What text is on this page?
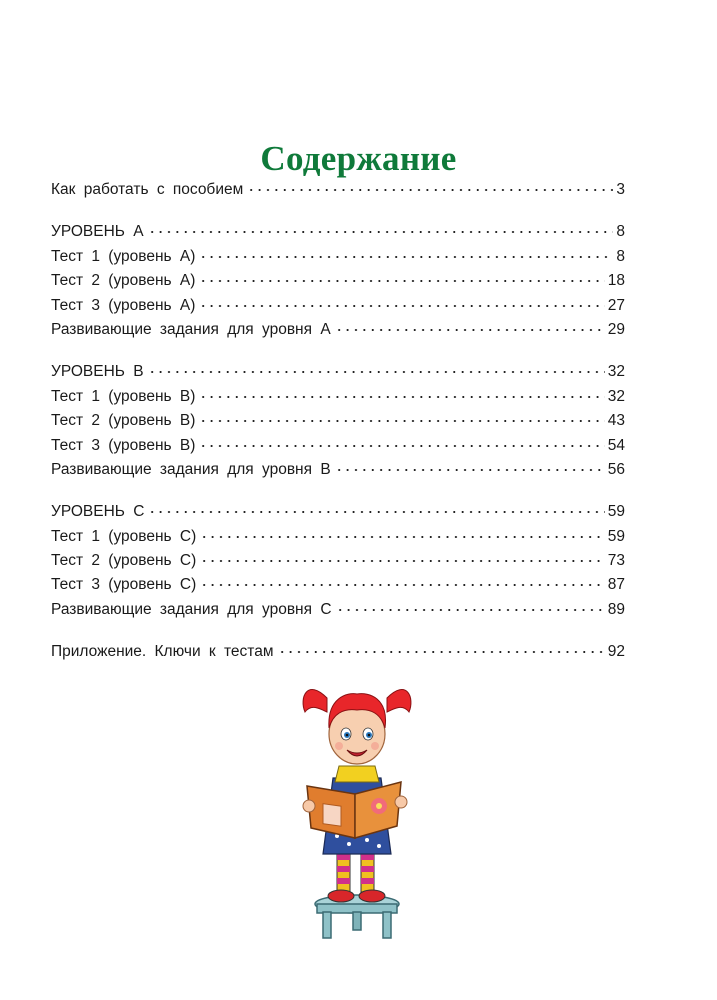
Содержание
Как работать с пособием	3
УРОВЕНЬ А	8
Тест 1 (уровень А)	8
Тест 2 (уровень А)	18
Тест 3 (уровень А)	27
Развивающие задания для уровня А	29
УРОВЕНЬ В	32
Тест 1 (уровень В)	32
Тест 2 (уровень В)	43
Тест 3 (уровень В)	54
Развивающие задания для уровня В	56
УРОВЕНЬ С	59
Тест 1 (уровень С)	59
Тест 2 (уровень С)	73
Тест 3 (уровень С)	87
Развивающие задания для уровня С	89
Приложение. Ключи к тестам	92
